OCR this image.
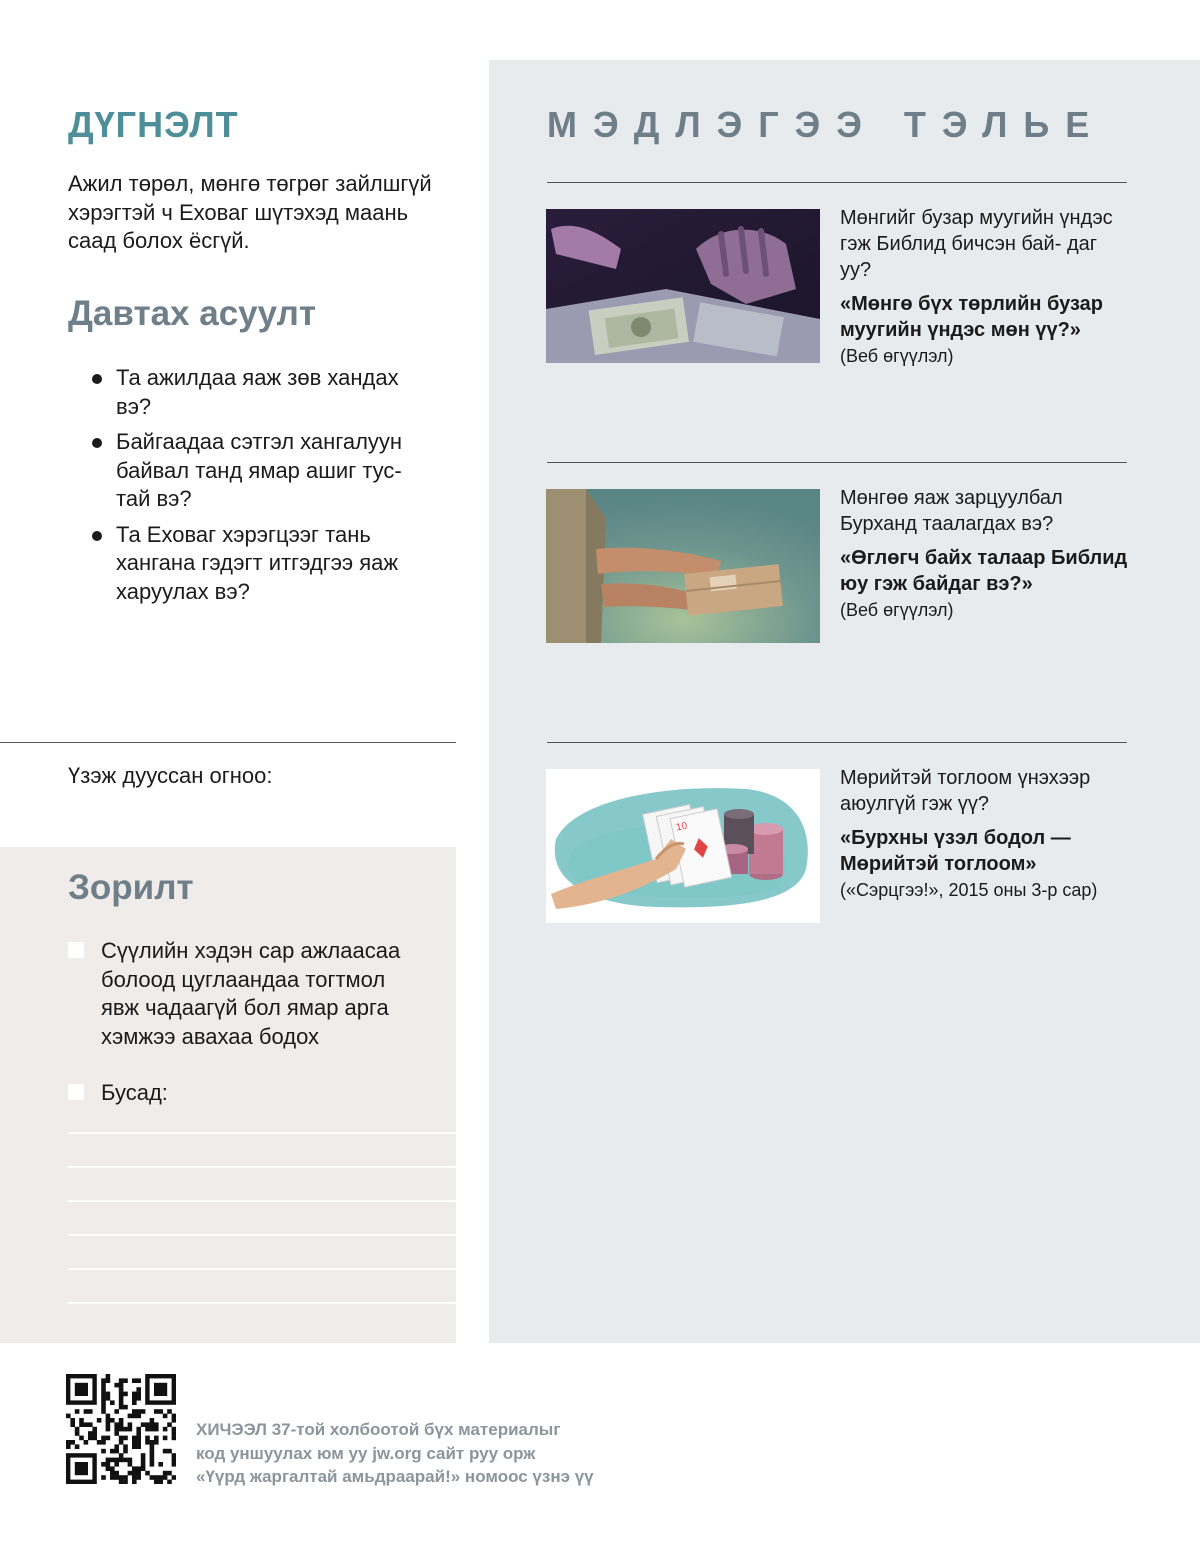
ДҮГНЭЛТ

Ажил төрөл, мөнгө төгрөг зайлшгүй хэрэгтэй ч Еховаг шүтэхэд маань саад болох ёсгүй.

Давтах асуулт
Та ажилдаа яаж зөв хандах вэ?
Байгаадаа сэтгэл хангалуун байвал танд ямар ашиг тус- тай вэ?
Та Еховаг хэрэгцээг тань хангана гэдэгт итгэдгээ яаж харуулах вэ?
Үзэж дууссан огноо:
Зорилт
Сүүлийн хэдэн сар ажлаасаа болоод цуглаандаа тогтмол явж чадаагүй бол ямар арга хэмжээ авахаа бодох
Бусад:
МЭДЛЭГЭЭ ТЭЛЬЕ
Мөнгийг бузар муугийн үндэс гэж Библид бичсэн бай- даг уу?
«Мөнгө бүх төрлийн бузар муугийн үндэс мөн үү?»
(Веб өгүүлэл)
Мөнгөө яаж зарцуулбал Бурханд таалагдах вэ?
«Өглөгч байх талаар Библид юу гэж байдаг вэ?»
(Веб өгүүлэл)
10
Мөрийтэй тоглоом үнэхээр аюулгүй гэж үү?
«Бурхны үзэл бодол —Мөрийтэй тоглоом»
(«Сэрцгээ!», 2015 оны 3-р сар)
ХИЧЭЭЛ 37-той холбоотой бүх материалыг
код уншуулах юм уу jw.org сайт руу орж
«Үүрд жаргалтай амьдраарай!» номоос үзнэ үү
